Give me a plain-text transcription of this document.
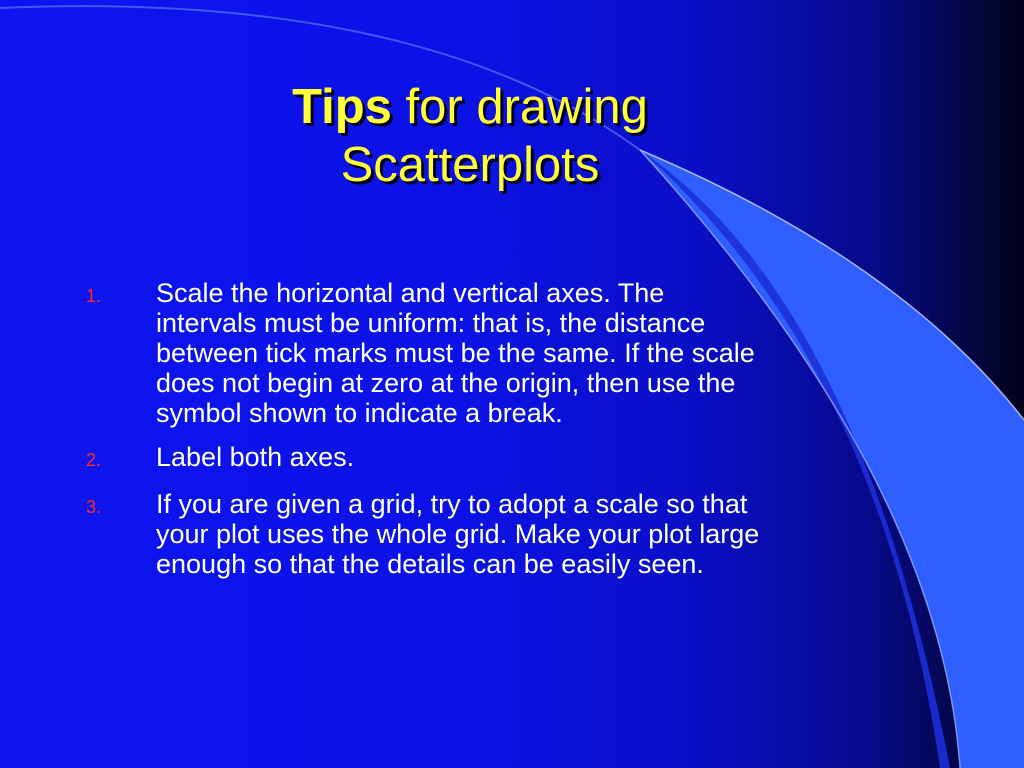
Tips for drawing
Scatterplots
1.	Scale the horizontal and vertical axes. The
intervals must be uniform: that is, the distance
between tick marks must be the same. If the scale
does not begin at zero at the origin, then use the
symbol shown to indicate a break.
2.	Label both axes.
3.	If you are given a grid, try to adopt a scale so that
your plot uses the whole grid. Make your plot large
enough so that the details can be easily seen.
